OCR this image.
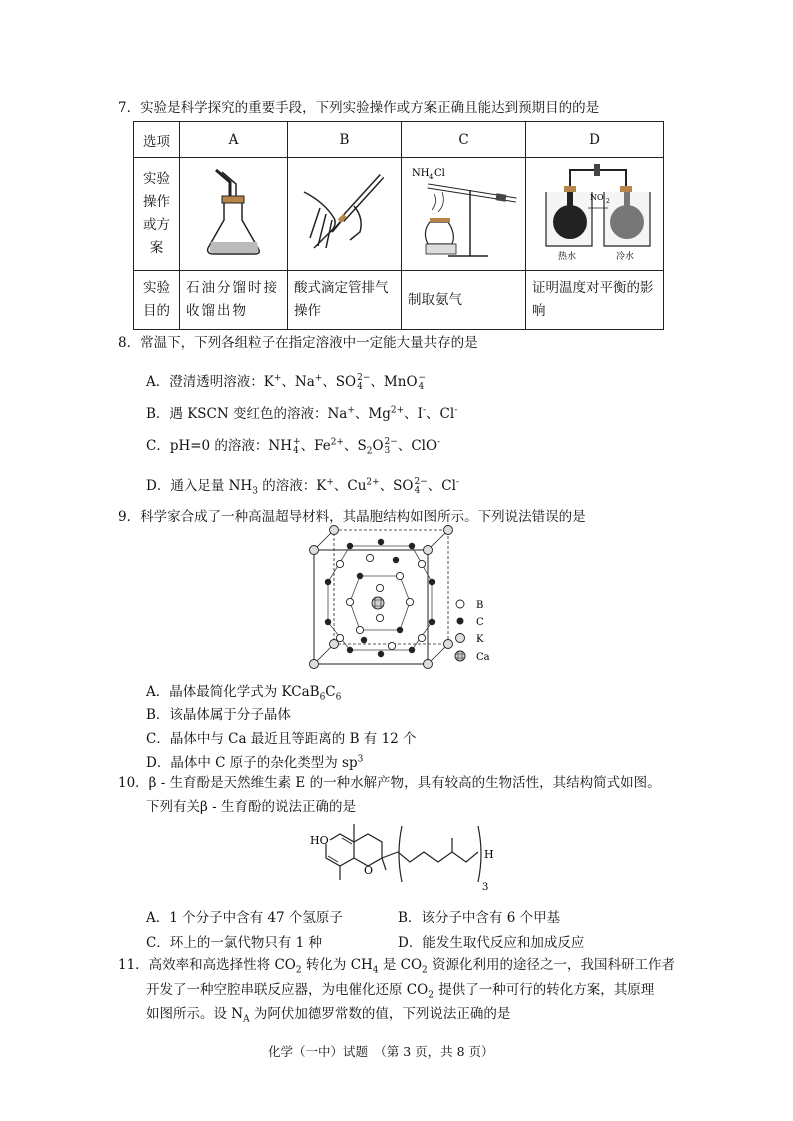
7．实验是科学探究的重要手段，下列实验操作或方案正确且能达到预期目的的是
选项	A	B	C	D
实验
操作
或方
案			NH 4 Cl	NO 2
热水 冷水

实验
目的	石油分馏时接收馏出物	酸式滴定管排气操作	制取氨气	证明温度对平衡的影响
8．常温下，下列各组粒子在指定溶液中一定能大量共存的是
A．澄清透明溶液：K+、Na+、SO 2−
4 、MnO −
4
B．遇 KSCN 变红色的溶液：Na+、$Mg^{2+}$、I-、Cl-
C．pH=0 的溶液：NH +
4 、$Fe^{2+}$、$S_2O$ 2−
3 、ClO-
D．通入足量 $NH_3$ 的溶液：K+、$Cu^{2+}$、SO 2−
4 、Cl-
9．科学家合成了一种高温超导材料，其晶胞结构如图所示。下列说法错误的是
B
C
K
Ca
A．晶体最简化学式为 $KCaB_6C_6$
B．该晶体属于分子晶体
C．晶体中与 Ca 最近且等距离的 B 有 12 个
D．晶体中 C 原子的杂化类型为 $sp^3$
10．β - 生育酚是天然维生素 E 的一种水解产物，具有较高的生物活性，其结构简式如图。
下列有关β - 生育酚的说法正确的是
HO
O
H
3
A．1 个分子中含有 47 个氢原子	B．该分子中含有 6 个甲基
C．环上的一氯代物只有 1 种	D．能发生取代反应和加成反应
11．高效率和高选择性将 $CO_2$ 转化为 $CH_4$ 是 $CO_2$ 资源化利用的途径之一，我国科研工作者
开发了一种空腔串联反应器，为电催化还原 $CO_2$ 提供了一种可行的转化方案，其原理
如图所示。设 $N_A$ 为阿伏加德罗常数的值，下列说法正确的是
化学（一中）试题　（第 3 页，共 8 页）
